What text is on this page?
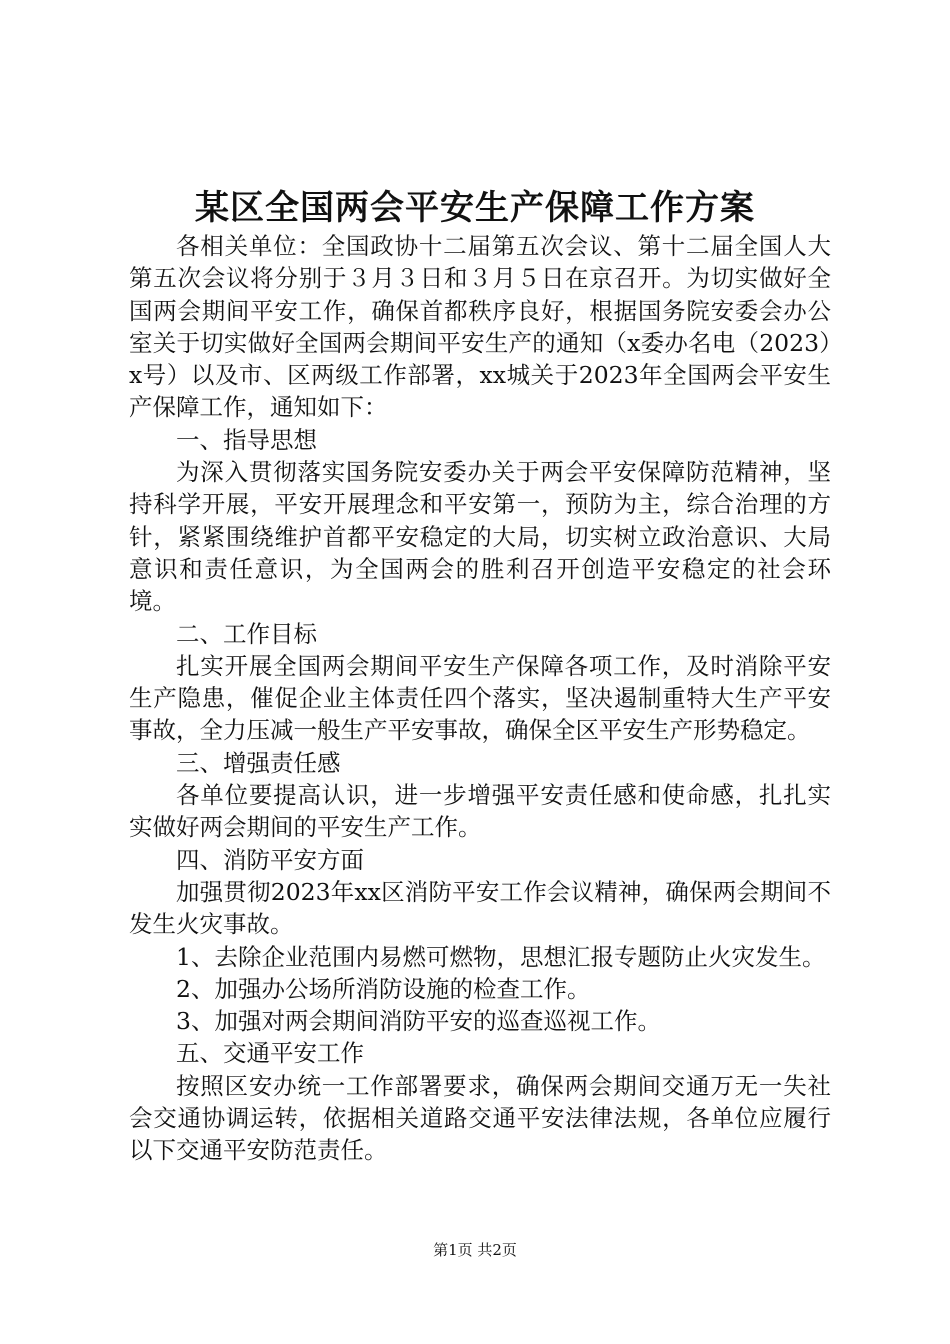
某区全国两会平安生产保障工作方案

各相关单位：全国政协十二届第五次会议、第十二届全国人大第五次会议将分别于３月３日和３月５日在京召开。为切实做好全国两会期间平安工作，确保首都秩序良好，根据国务院安委会办公室关于切实做好全国两会期间平安生产的通知（x委办名电（2023）x号）以及市、区两级工作部署，xx城关于2023年全国两会平安生产保障工作，通知如下：

一、指导思想

为深入贯彻落实国务院安委办关于两会平安保障防范精神，坚持科学开展，平安开展理念和平安第一，预防为主，综合治理的方针，紧紧围绕维护首都平安稳定的大局，切实树立政治意识、大局意识和责任意识，为全国两会的胜利召开创造平安稳定的社会环境。

二、工作目标

扎实开展全国两会期间平安生产保障各项工作，及时消除平安生产隐患，催促企业主体责任四个落实，坚决遏制重特大生产平安事故，全力压减一般生产平安事故，确保全区平安生产形势稳定。

三、增强责任感

各单位要提高认识，进一步增强平安责任感和使命感，扎扎实实做好两会期间的平安生产工作。

四、消防平安方面

加强贯彻2023年xx区消防平安工作会议精神，确保两会期间不发生火灾事故。

1、去除企业范围内易燃可燃物，思想汇报专题防止火灾发生。

2、加强办公场所消防设施的检查工作。

3、加强对两会期间消防平安的巡查巡视工作。

五、交通平安工作

按照区安办统一工作部署要求，确保两会期间交通万无一失社会交通协调运转，依据相关道路交通平安法律法规，各单位应履行以下交通平安防范责任。

第1页 共2页
